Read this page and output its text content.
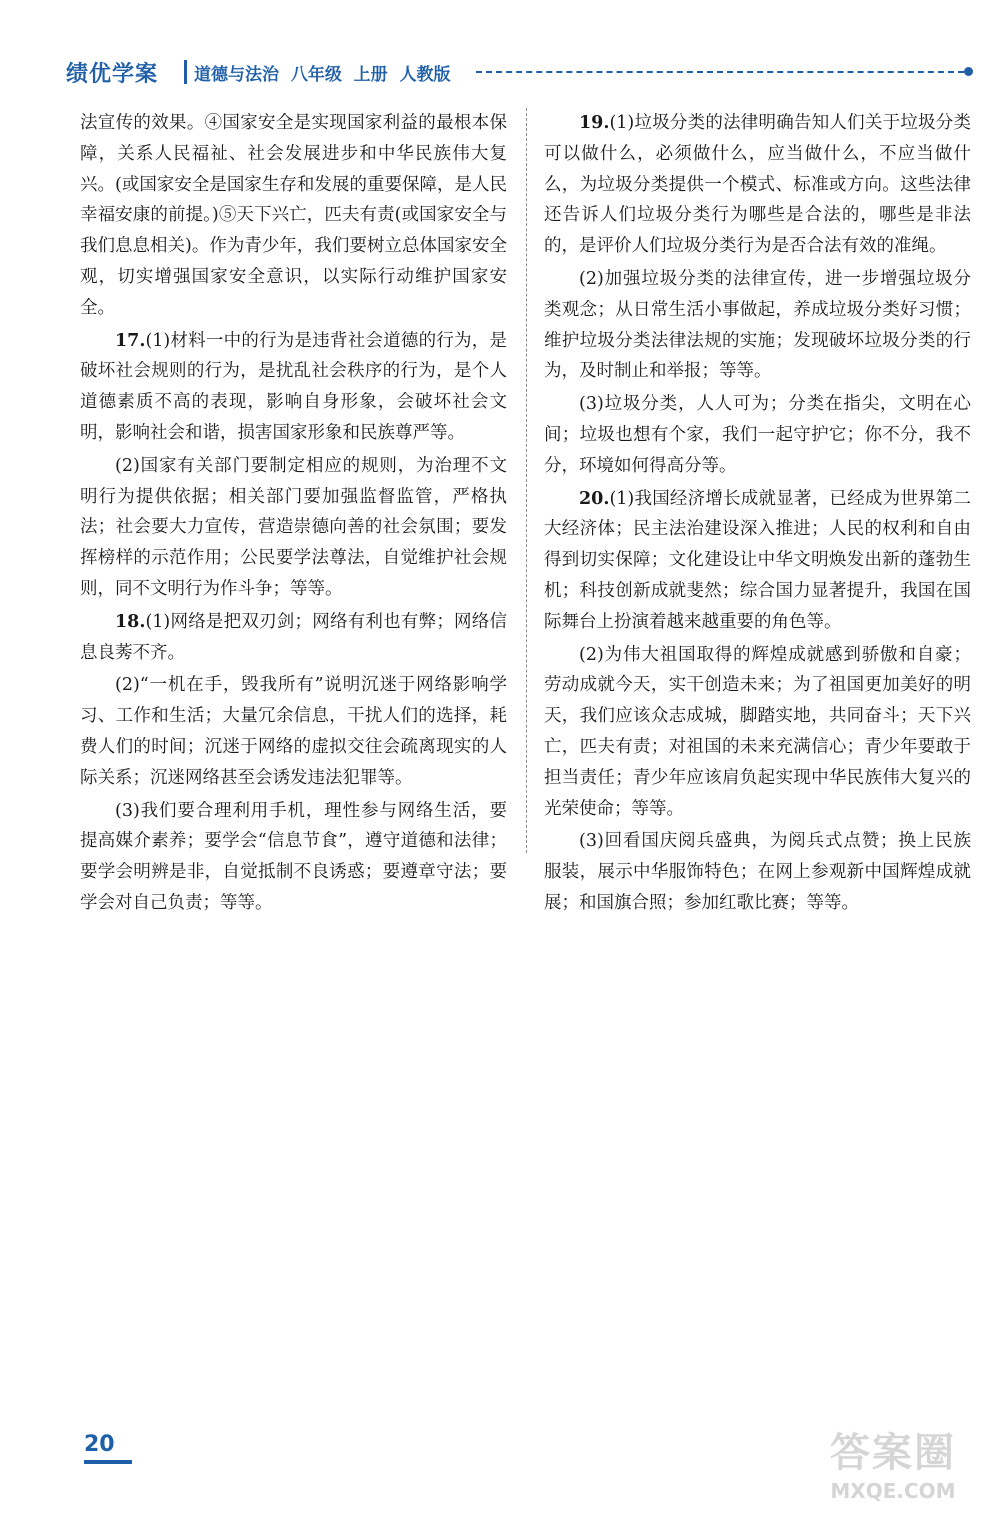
绩优学案 道德与法治  八年级  上册  人教版

法宣传的效果。④国家安全是实现国家利益的最根本保障，关系人民福祉、社会发展进步和中华民族伟大复兴。(或国家安全是国家生存和发展的重要保障，是人民幸福安康的前提。)⑤天下兴亡，匹夫有责(或国家安全与我们息息相关)。作为青少年，我们要树立总体国家安全观，切实增强国家安全意识，以实际行动维护国家安全。

17.(1)材料一中的行为是违背社会道德的行为，是破坏社会规则的行为，是扰乱社会秩序的行为，是个人道德素质不高的表现，影响自身形象，会破坏社会文明，影响社会和谐，损害国家形象和民族尊严等。

(2)国家有关部门要制定相应的规则，为治理不文明行为提供依据；相关部门要加强监督监管，严格执法；社会要大力宣传，营造崇德向善的社会氛围；要发挥榜样的示范作用；公民要学法尊法，自觉维护社会规则，同不文明行为作斗争；等等。

18.(1)网络是把双刃剑；网络有利也有弊；网络信息良莠不齐。

(2)“一机在手，毁我所有”说明沉迷于网络影响学习、工作和生活；大量冗余信息，干扰人们的选择，耗费人们的时间；沉迷于网络的虚拟交往会疏离现实的人际关系；沉迷网络甚至会诱发违法犯罪等。

(3)我们要合理利用手机，理性参与网络生活，要提高媒介素养；要学会“信息节食”，遵守道德和法律；要学会明辨是非，自觉抵制不良诱惑；要遵章守法；要学会对自己负责；等等。

19.(1)垃圾分类的法律明确告知人们关于垃圾分类可以做什么，必须做什么，应当做什么，不应当做什么，为垃圾分类提供一个模式、标准或方向。这些法律还告诉人们垃圾分类行为哪些是合法的，哪些是非法的，是评价人们垃圾分类行为是否合法有效的准绳。

(2)加强垃圾分类的法律宣传，进一步增强垃圾分类观念；从日常生活小事做起，养成垃圾分类好习惯；维护垃圾分类法律法规的实施；发现破坏垃圾分类的行为，及时制止和举报；等等。

(3)垃圾分类，人人可为；分类在指尖，文明在心间；垃圾也想有个家，我们一起守护它；你不分，我不分，环境如何得高分等。

20.(1)我国经济增长成就显著，已经成为世界第二大经济体；民主法治建设深入推进；人民的权利和自由得到切实保障；文化建设让中华文明焕发出新的蓬勃生机；科技创新成就斐然；综合国力显著提升，我国在国际舞台上扮演着越来越重要的角色等。

(2)为伟大祖国取得的辉煌成就感到骄傲和自豪；劳动成就今天，实干创造未来；为了祖国更加美好的明天，我们应该众志成城，脚踏实地，共同奋斗；天下兴亡，匹夫有责；对祖国的未来充满信心；青少年要敢于担当责任；青少年应该肩负起实现中华民族伟大复兴的光荣使命；等等。

(3)回看国庆阅兵盛典，为阅兵式点赞；换上民族服装，展示中华服饰特色；在网上参观新中国辉煌成就展；和国旗合照；参加红歌比赛；等等。

20	答案圈
MXQE.COM
